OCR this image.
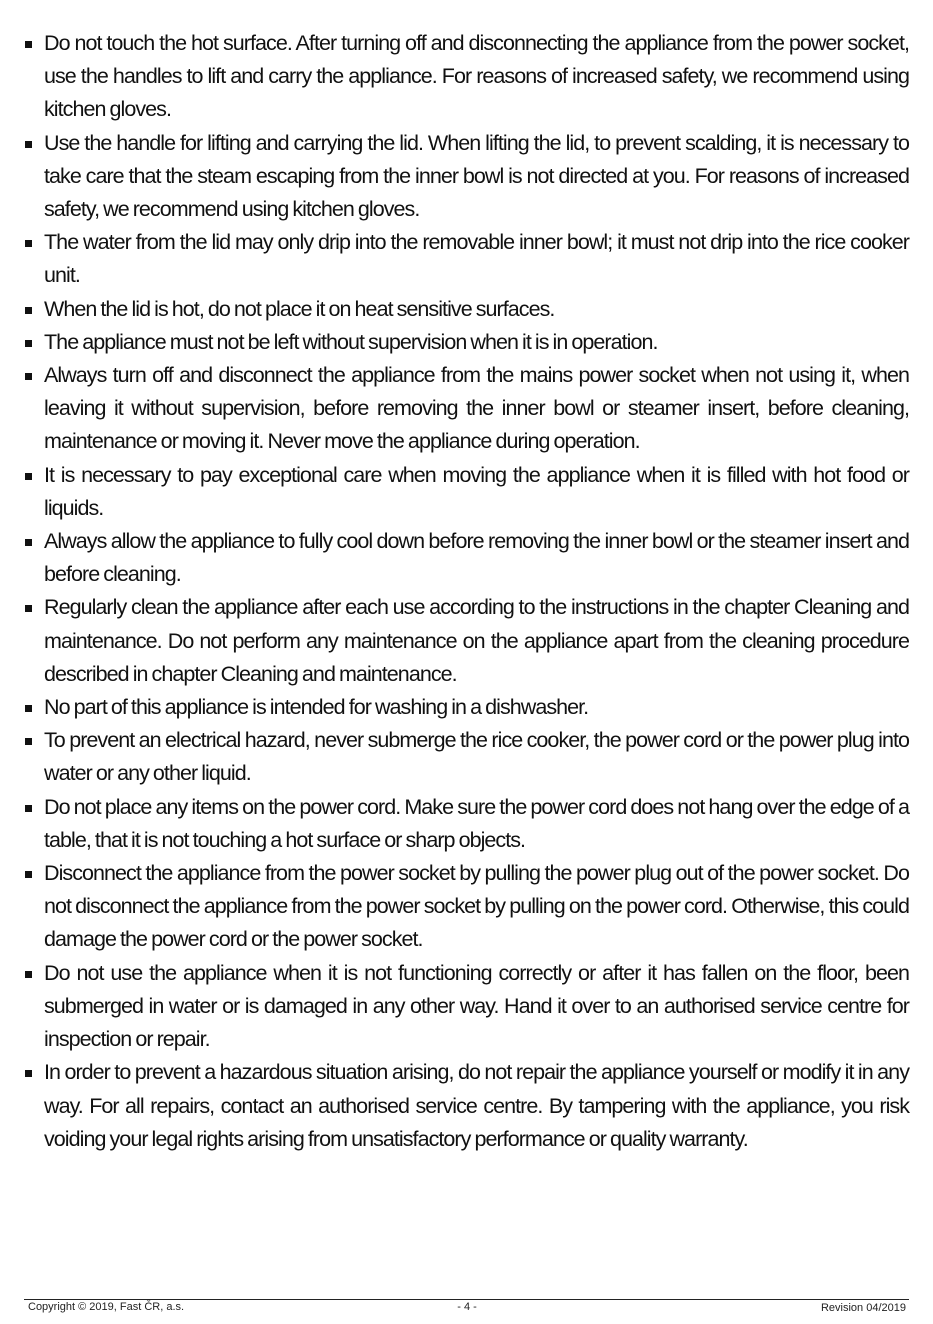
Do not touch the hot surface. After turning off and disconnecting the appliance from the power socket, use the handles to lift and carry the appliance. For reasons of increased safety, we recommend using kitchen gloves.
Use the handle for lifting and carrying the lid. When lifting the lid, to prevent scalding, it is necessary to take care that the steam escaping from the inner bowl is not directed at you. For reasons of increased safety, we recommend using kitchen gloves.
The water from the lid may only drip into the removable inner bowl; it must not drip into the rice cooker unit.
When the lid is hot, do not place it on heat sensitive surfaces.
The appliance must not be left without supervision when it is in operation.
Always turn off and disconnect the appliance from the mains power socket when not using it, when leaving it without supervision, before removing the inner bowl or steamer insert, before cleaning, maintenance or moving it. Never move the appliance during operation.
It is necessary to pay exceptional care when moving the appliance when it is filled with hot food or liquids.
Always allow the appliance to fully cool down before removing the inner bowl or the steamer insert and before cleaning.
Regularly clean the appliance after each use according to the instructions in the chapter Cleaning and maintenance. Do not perform any maintenance on the appliance apart from the cleaning procedure described in chapter Cleaning and maintenance.
No part of this appliance is intended for washing in a dishwasher.
To prevent an electrical hazard, never submerge the rice cooker, the power cord or the power plug into water or any other liquid.
Do not place any items on the power cord. Make sure the power cord does not hang over the edge of a table, that it is not touching a hot surface or sharp objects.
Disconnect the appliance from the power socket by pulling the power plug out of the power socket. Do not disconnect the appliance from the power socket by pulling on the power cord. Otherwise, this could damage the power cord or the power socket.
Do not use the appliance when it is not functioning correctly or after it has fallen on the floor, been submerged in water or is damaged in any other way. Hand it over to an authorised service centre for inspection or repair.
In order to prevent a hazardous situation arising, do not repair the appliance yourself or modify it in any way. For all repairs, contact an authorised service centre. By tampering with the appliance, you risk voiding your legal rights arising from unsatisfactory performance or quality warranty.
Copyright © 2019, Fast ČR, a.s.	- 4 -	Revision 04/2019
